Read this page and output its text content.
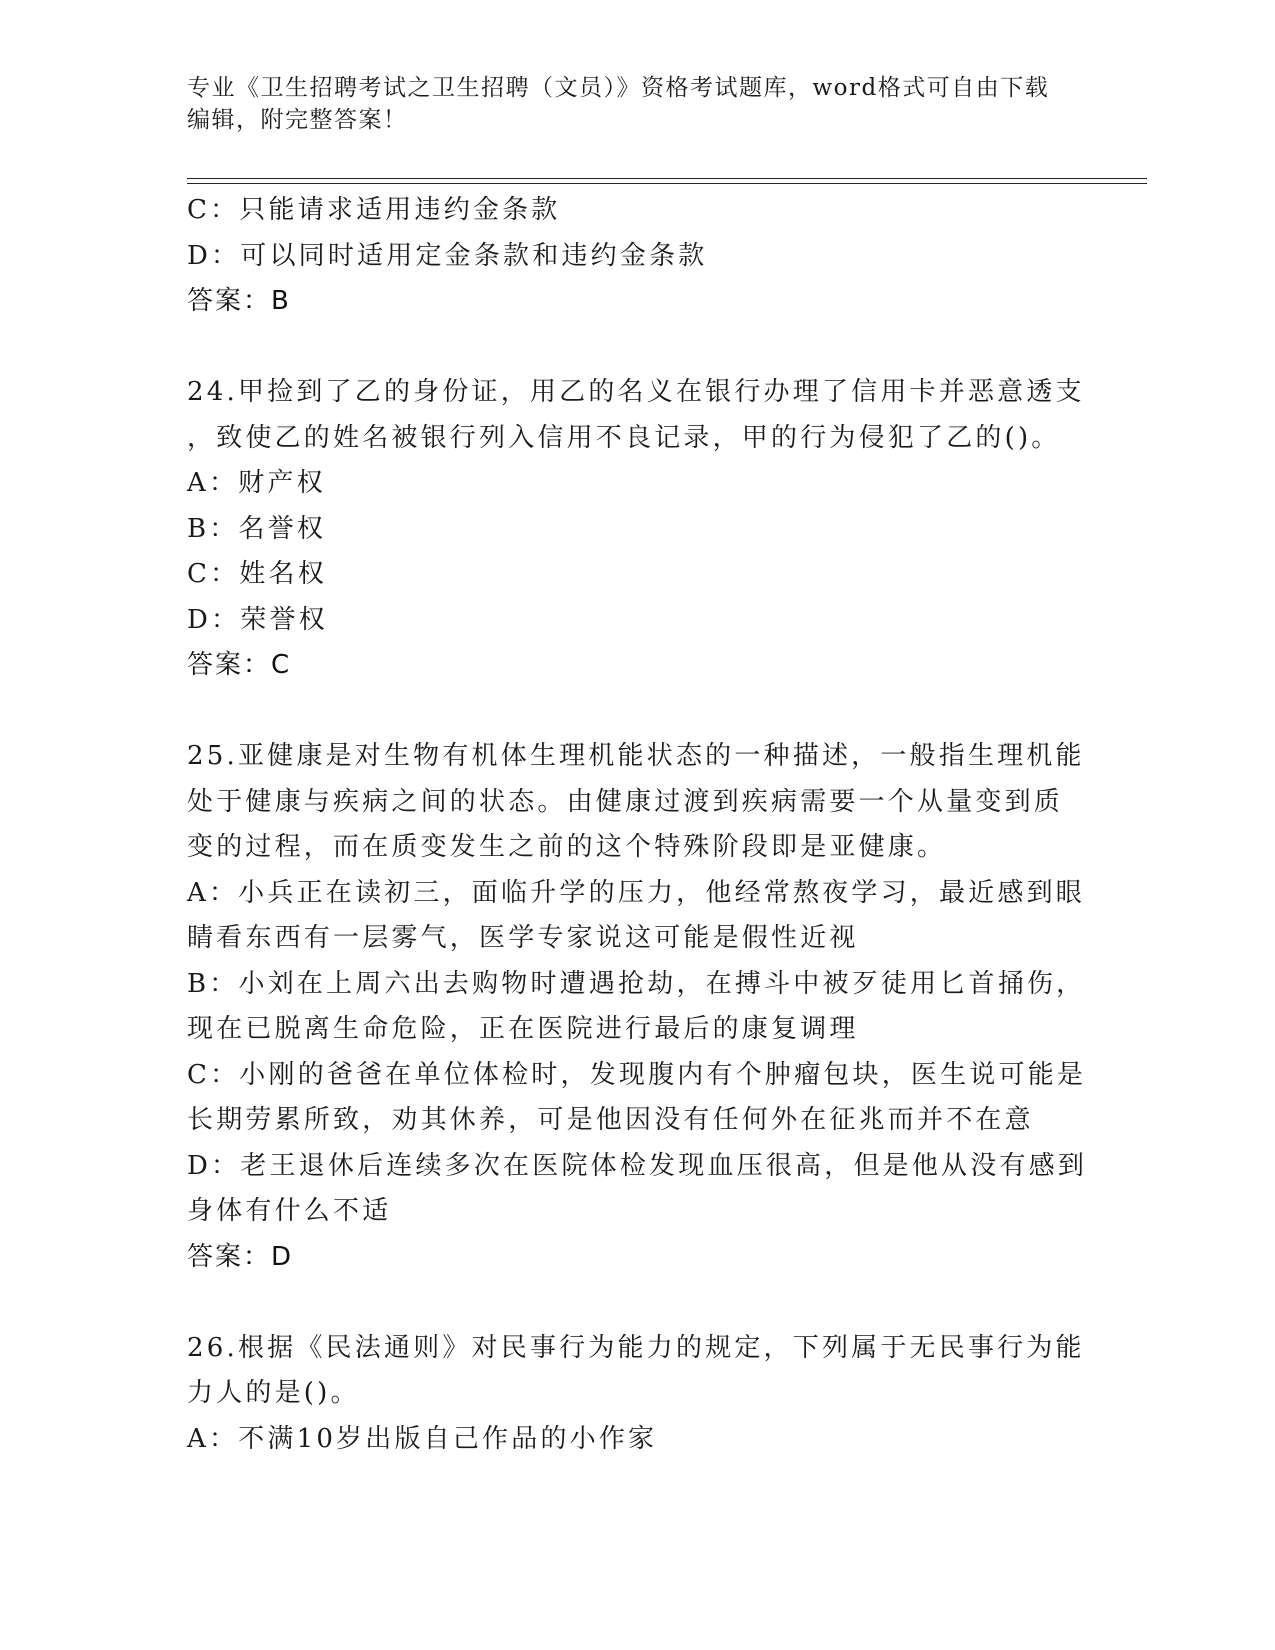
专业《卫生招聘考试之卫生招聘（文员）》资格考试题库，word格式可自由下载
编辑，附完整答案！
C：只能请求适用违约金条款
D：可以同时适用定金条款和违约金条款
答案：B
24.甲捡到了乙的身份证，用乙的名义在银行办理了信用卡并恶意透支
，致使乙的姓名被银行列入信用不良记录，甲的行为侵犯了乙的()。
A：财产权
B：名誉权
C：姓名权
D：荣誉权
答案：C
25.亚健康是对生物有机体生理机能状态的一种描述，一般指生理机能
处于健康与疾病之间的状态。由健康过渡到疾病需要一个从量变到质
变的过程，而在质变发生之前的这个特殊阶段即是亚健康。
A：小兵正在读初三，面临升学的压力，他经常熬夜学习，最近感到眼
睛看东西有一层雾气，医学专家说这可能是假性近视
B：小刘在上周六出去购物时遭遇抢劫，在搏斗中被歹徒用匕首捅伤，
现在已脱离生命危险，正在医院进行最后的康复调理
C：小刚的爸爸在单位体检时，发现腹内有个肿瘤包块，医生说可能是
长期劳累所致，劝其休养，可是他因没有任何外在征兆而并不在意
D：老王退休后连续多次在医院体检发现血压很高，但是他从没有感到
身体有什么不适
答案：D
26.根据《民法通则》对民事行为能力的规定，下列属于无民事行为能
力人的是()。
A：不满10岁出版自己作品的小作家
